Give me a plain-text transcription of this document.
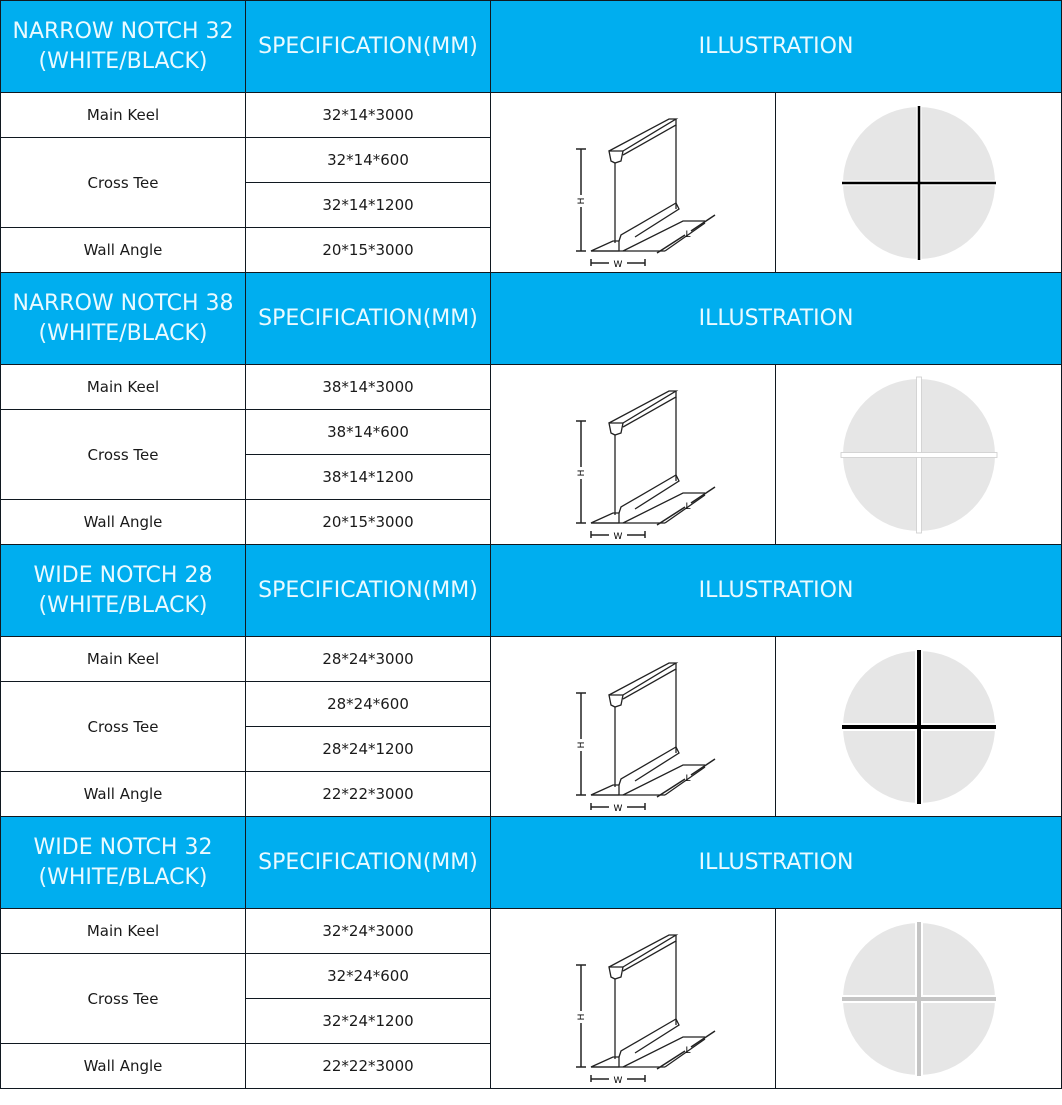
NARROW NOTCH 32
(WHITE/BLACK)	SPECIFICATION(MM)	ILLUSTRATION	
Main Keel	32*14*3000	H
W
L

Cross Tee	32*14*600		
	32*14*1200		
Wall Angle	20*15*3000		
NARROW NOTCH 38
(WHITE/BLACK)	SPECIFICATION(MM)	ILLUSTRATION	
Main Keel	38*14*3000	H
W
L

Cross Tee	38*14*600		
	38*14*1200		
Wall Angle	20*15*3000		
WIDE NOTCH 28
(WHITE/BLACK)	SPECIFICATION(MM)	ILLUSTRATION	
Main Keel	28*24*3000	H
W
L

Cross Tee	28*24*600		
	28*24*1200		
Wall Angle	22*22*3000		
WIDE NOTCH 32
(WHITE/BLACK)	SPECIFICATION(MM)	ILLUSTRATION	
Main Keel	32*24*3000	H
W
L

Cross Tee	32*24*600		
	32*24*1200		
Wall Angle	22*22*3000		
